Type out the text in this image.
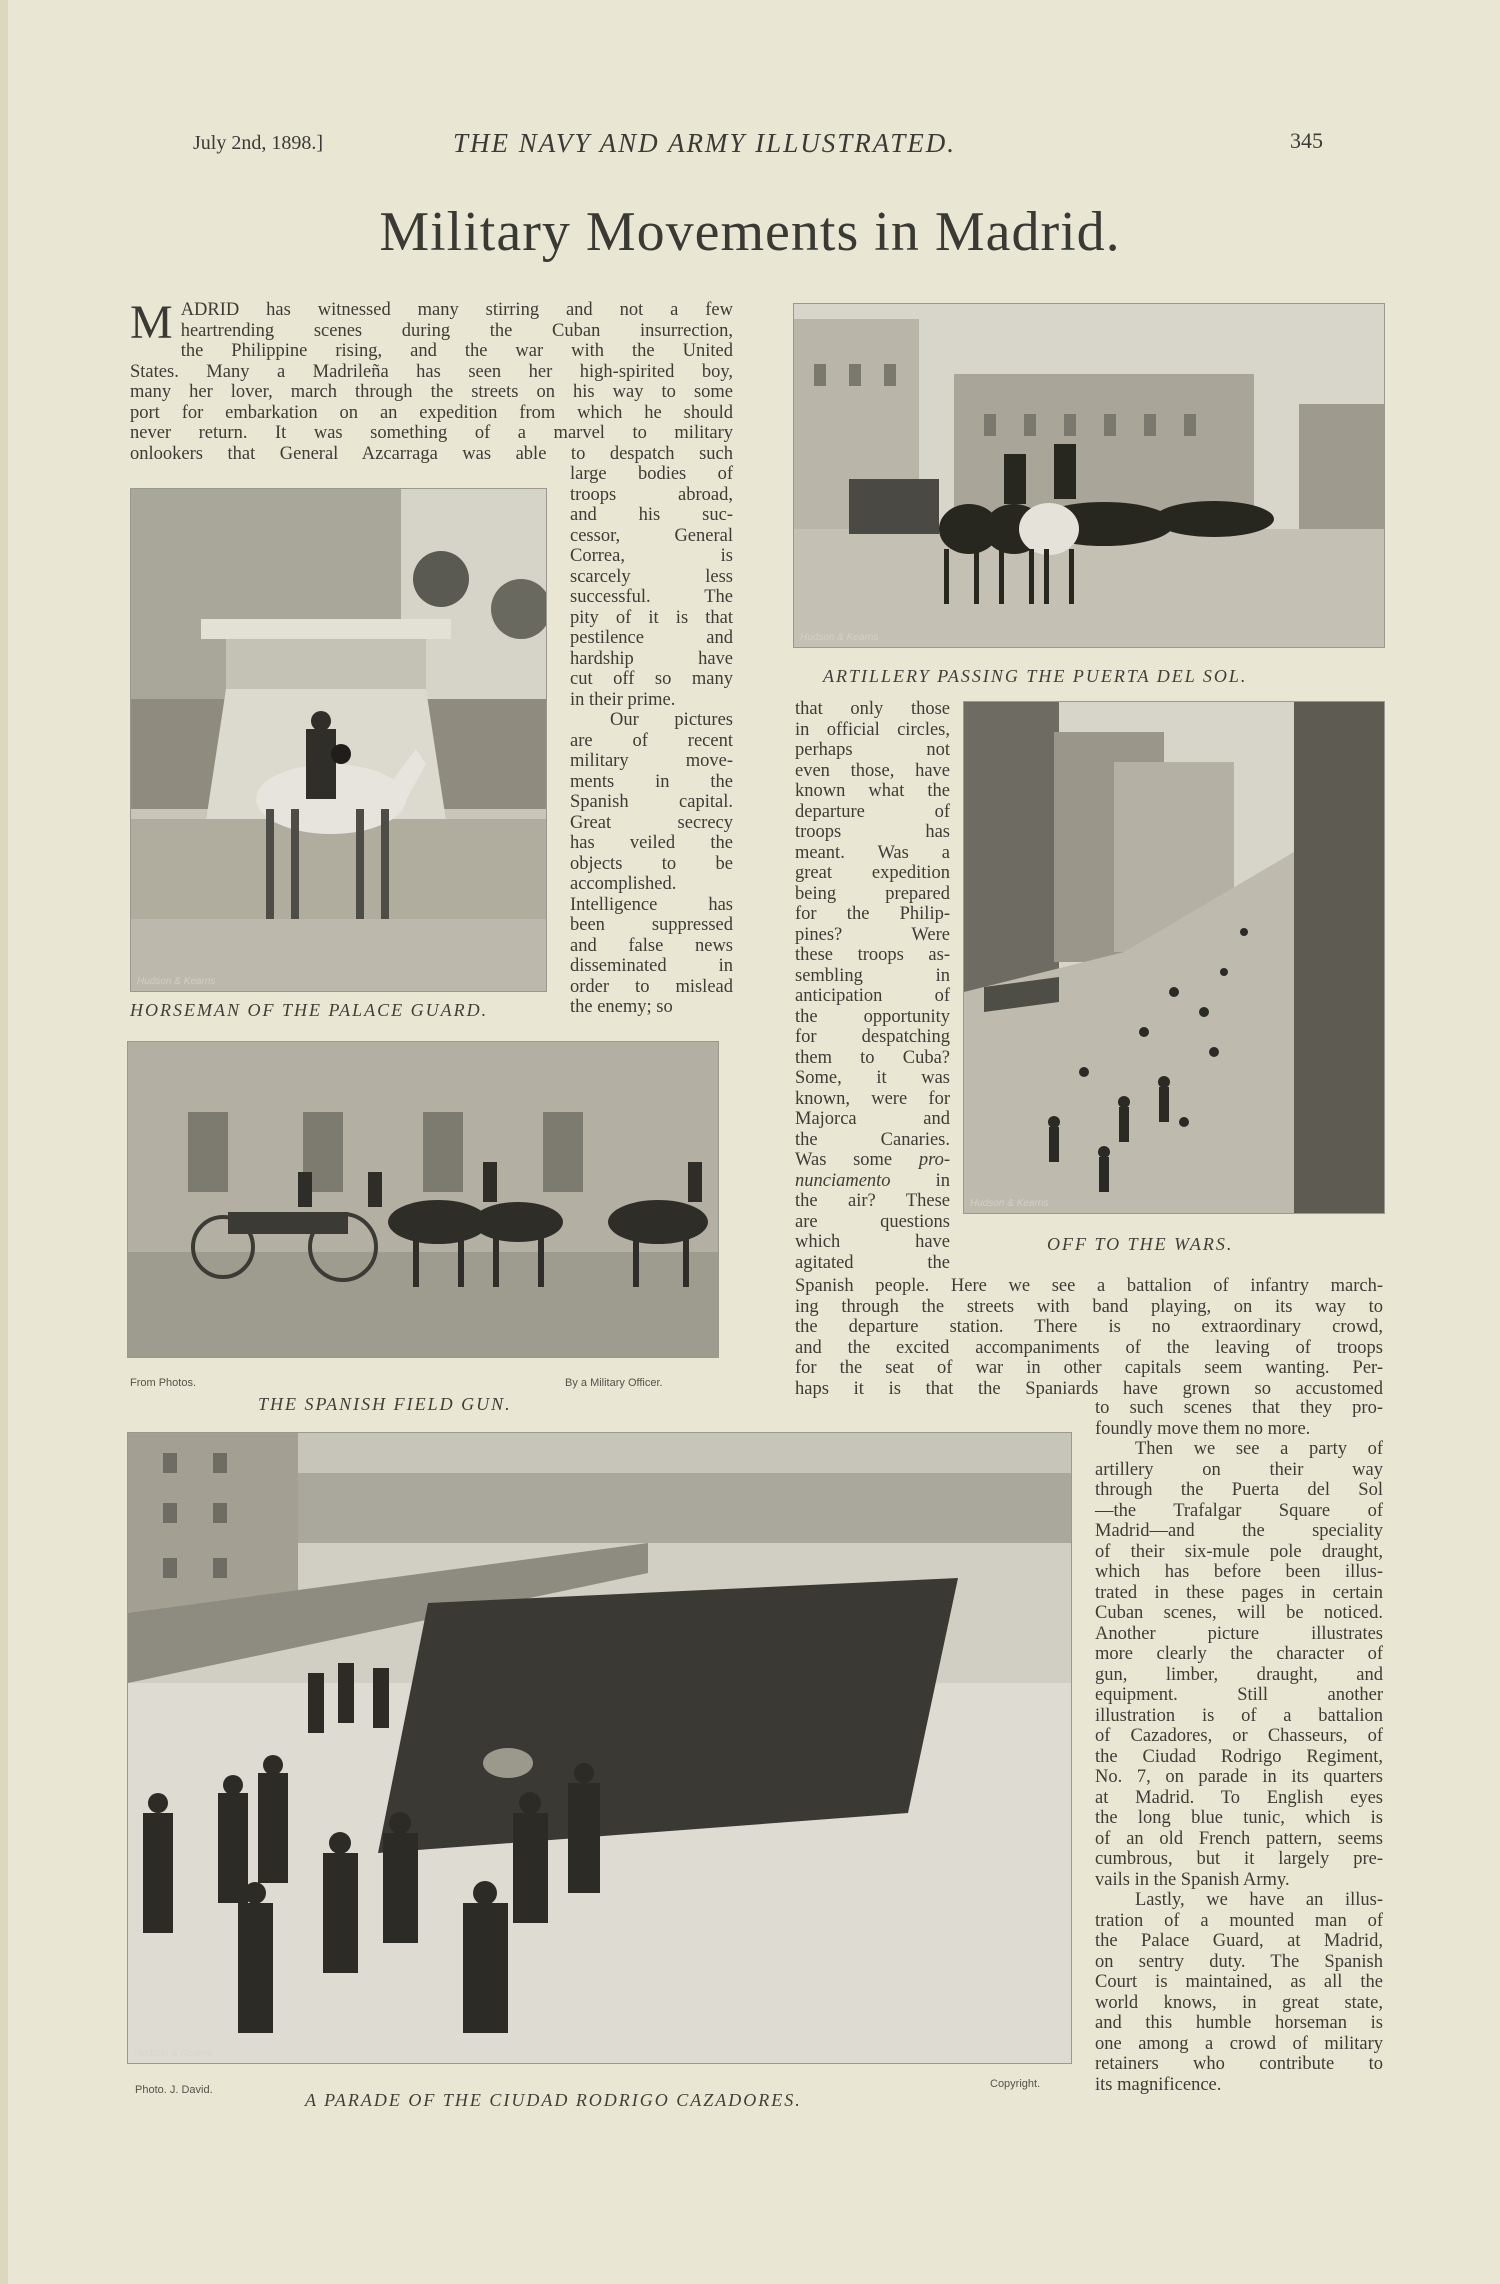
July 2nd, 1898.]	THE NAVY AND ARMY ILLUSTRATED.	345
Military Movements in Madrid.
M ADRID has witnessed many stirring and not a few
heartrending scenes during the Cuban insurrection,
the Philippine rising, and the war with the United
States. Many a Madrileña has seen her high-spirited boy,
many her lover, march through the streets on his way to some
port for embarkation on an expedition from which he should
never return. It was something of a marvel to military
onlookers that General Azcarraga was able to despatch such
large bodies of
troops abroad,
and his suc-
cessor, General
Correa, is
scarcely less
successful. The
pity of it is that
pestilence and
hardship have
cut off so many
in their prime.
Our pictures
are of recent
military move-
ments in the
Spanish capital.
Great secrecy
has veiled the
objects to be
accomplished.
Intelligence has
been suppressed
and false news
disseminated in
order to mislead
the enemy; so
that only those
in official circles,
perhaps not
even those, have
known what the
departure of
troops has
meant. Was a
great expedition
being prepared
for the Philip-
pines? Were
these troops as-
sembling in
anticipation of
the opportunity
for despatching
them to Cuba?
Some, it was
known, were for
Majorca and
the Canaries.
Was some pro-
nunciamento in
the air? These
are questions
which have
agitated the
Spanish people. Here we see a battalion of infantry march-
ing through the streets with band playing, on its way to
the departure station. There is no extraordinary crowd,
and the excited accompaniments of the leaving of troops
for the seat of war in other capitals seem wanting. Per-
haps it is that the Spaniards have grown so accustomed
to such scenes that they pro-
foundly move them no more.
Then we see a party of
artillery on their way
through the Puerta del Sol
—the Trafalgar Square of
Madrid—and the speciality
of their six-mule pole draught,
which has before been illus-
trated in these pages in certain
Cuban scenes, will be noticed.
Another picture illustrates
more clearly the character of
gun, limber, draught, and
equipment. Still another
illustration is of a battalion
of Cazadores, or Chasseurs, of
the Ciudad Rodrigo Regiment,
No. 7, on parade in its quarters
at Madrid. To English eyes
the long blue tunic, which is
of an old French pattern, seems
cumbrous, but it largely pre-
vails in the Spanish Army.
Lastly, we have an illus-
tration of a mounted man of
the Palace Guard, at Madrid,
on sentry duty. The Spanish
Court is maintained, as all the
world knows, in great state,
and this humble horseman is
one among a crowd of military
retainers who contribute to
its magnificence.
Hudson & Kearns
HORSEMAN OF THE PALACE GUARD.
From Photos.	By a Military Officer.
THE SPANISH FIELD GUN.
Hudson & Kearns
ARTILLERY PASSING THE PUERTA DEL SOL.
Hudson & Kearns
OFF TO THE WARS.
Hudson & Kearns
Photo. J. David.	Copyright.
A PARADE OF THE CIUDAD RODRIGO CAZADORES.
